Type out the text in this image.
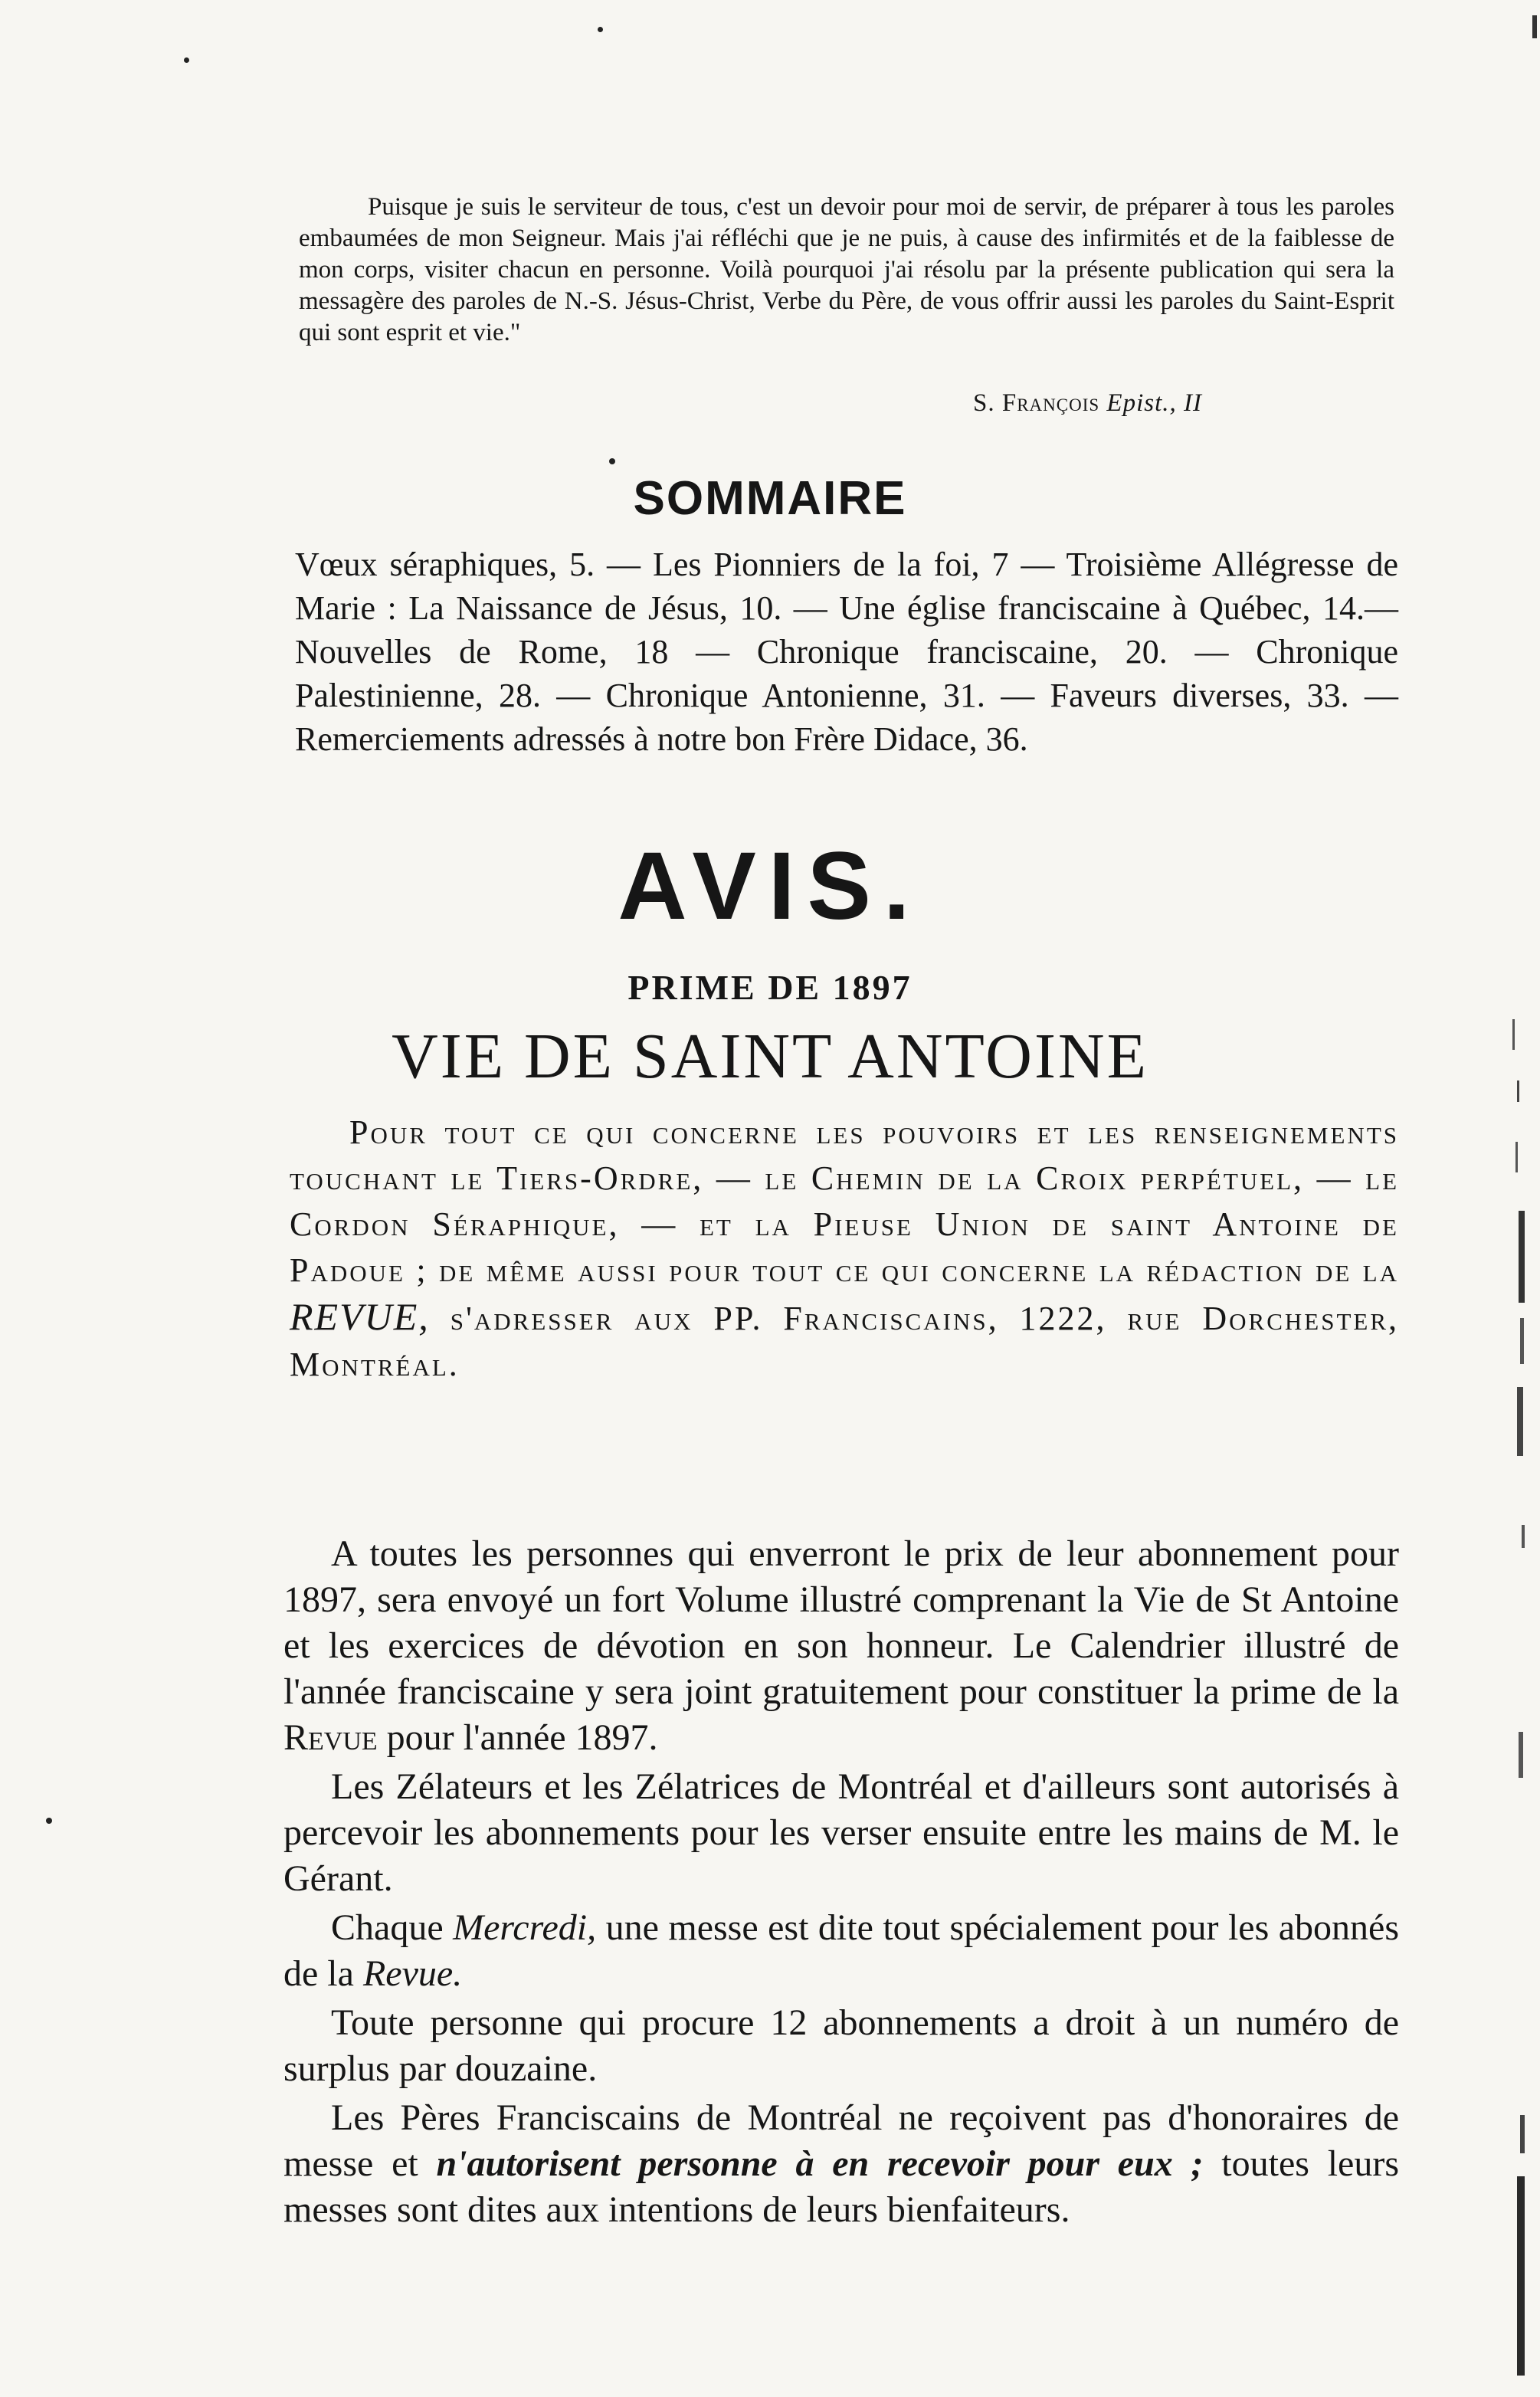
Puisque je suis le serviteur de tous, c'est un devoir pour moi de servir, de préparer à tous les paroles embaumées de mon Seigneur. Mais j'ai réfléchi que je ne puis, à cause des infirmités et de la faiblesse de mon corps, visiter chacun en personne. Voilà pourquoi j'ai résolu par la présente publication qui sera la messagère des paroles de N.-S. Jésus-Christ, Verbe du Père, de vous offrir aussi les paroles du Saint-Esprit qui sont esprit et vie."

S. François Epist., II
SOMMAIRE
Vœux séraphiques, 5. — Les Pionniers de la foi, 7 — Troisième Allégresse de Marie : La Naissance de Jésus, 10. — Une église franciscaine à Québec, 14.— Nouvelles de Rome, 18 — Chronique franciscaine, 20. — Chronique Palestinienne, 28. — Chronique Antonienne, 31. — Faveurs diverses, 33. — Remerciements adressés à notre bon Frère Didace, 36.
AVIS.
PRIME DE 1897
VIE DE SAINT ANTOINE

Pour tout ce qui concerne les pouvoirs et les renseignements touchant le Tiers-Ordre, — le Chemin de la Croix perpétuel, — le Cordon Séraphique, — et la Pieuse Union de saint Antoine de Padoue ; de même aussi pour tout ce qui concerne la rédaction de la REVUE, s'adresser aux PP. Franciscains, 1222, rue Dorchester, Montréal.

A toutes les personnes qui enverront le prix de leur abonnement pour 1897, sera envoyé un fort Volume illustré comprenant la Vie de St Antoine et les exercices de dévotion en son honneur. Le Calendrier illustré de l'année franciscaine y sera joint gratuitement pour constituer la prime de la Revue pour l'année 1897.

Les Zélateurs et les Zélatrices de Montréal et d'ailleurs sont autorisés à percevoir les abonnements pour les verser ensuite entre les mains de M. le Gérant.

Chaque Mercredi, une messe est dite tout spécialement pour les abonnés de la Revue.

Toute personne qui procure 12 abonnements a droit à un numéro de surplus par douzaine.

Les Pères Franciscains de Montréal ne reçoivent pas d'honoraires de messe et n'autorisent personne à en recevoir pour eux ; toutes leurs messes sont dites aux intentions de leurs bienfaiteurs.
